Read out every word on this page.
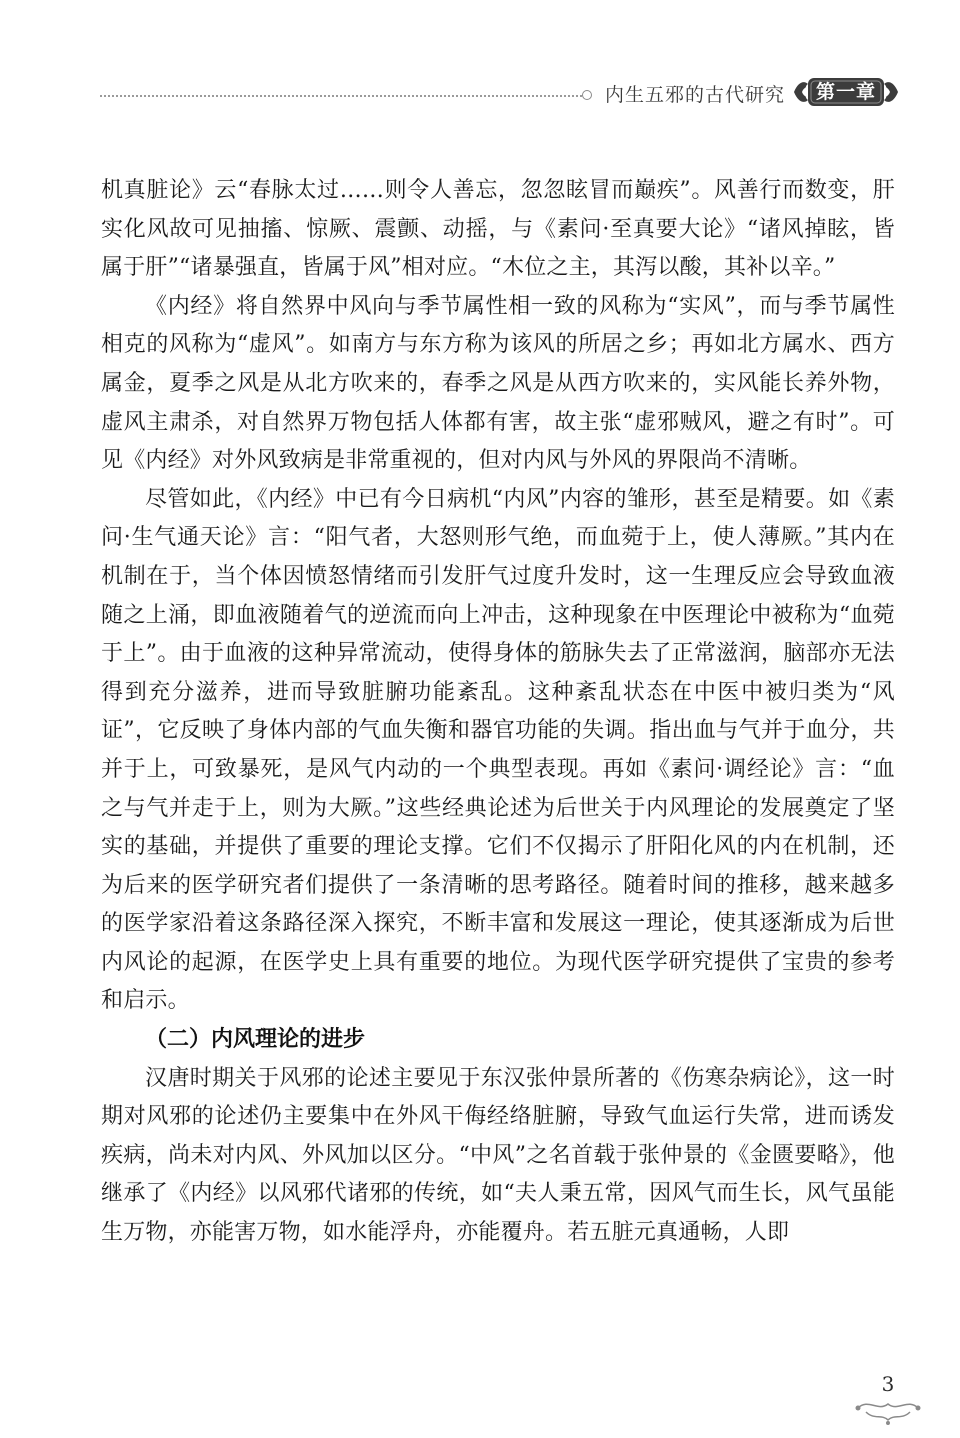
内生五邪的古代研究	第一章

机真脏论》云“春脉太过……则令人善忘，忽忽眩冒而巅疾”。风善行而数变，肝实化风故可见抽搐、惊厥、震颤、动摇，与《素问·至真要大论》“诸风掉眩，皆属于肝”“诸暴强直，皆属于风”相对应。“木位之主，其泻以酸，其补以辛。”

《内经》将自然界中风向与季节属性相一致的风称为“实风”，而与季节属性相克的风称为“虚风”。如南方与东方称为该风的所居之乡；再如北方属水、西方属金，夏季之风是从北方吹来的，春季之风是从西方吹来的，实风能长养外物，虚风主肃杀，对自然界万物包括人体都有害，故主张“虚邪贼风，避之有时”。可见《内经》对外风致病是非常重视的，但对内风与外风的界限尚不清晰。

尽管如此，《内经》中已有今日病机“内风”内容的雏形，甚至是精要。如《素问·生气通天论》言：“阳气者，大怒则形气绝，而血菀于上，使人薄厥。”其内在机制在于，当个体因愤怒情绪而引发肝气过度升发时，这一生理反应会导致血液随之上涌，即血液随着气的逆流而向上冲击，这种现象在中医理论中被称为“血菀于上”。由于血液的这种异常流动，使得身体的筋脉失去了正常滋润，脑部亦无法得到充分滋养，进而导致脏腑功能紊乱。这种紊乱状态在中医中被归类为“风证”，它反映了身体内部的气血失衡和器官功能的失调。指出血与气并于血分，共并于上，可致暴死，是风气内动的一个典型表现。再如《素问·调经论》言：“血之与气并走于上，则为大厥。”这些经典论述为后世关于内风理论的发展奠定了坚实的基础，并提供了重要的理论支撑。它们不仅揭示了肝阳化风的内在机制，还为后来的医学研究者们提供了一条清晰的思考路径。随着时间的推移，越来越多的医学家沿着这条路径深入探究，不断丰富和发展这一理论，使其逐渐成为后世内风论的起源，在医学史上具有重要的地位。为现代医学研究提供了宝贵的参考和启示。

（二）内风理论的进步

汉唐时期关于风邪的论述主要见于东汉张仲景所著的《伤寒杂病论》，这一时期对风邪的论述仍主要集中在外风干侮经络脏腑，导致气血运行失常，进而诱发疾病，尚未对内风、外风加以区分。“中风”之名首载于张仲景的《金匮要略》，他继承了《内经》以风邪代诸邪的传统，如“夫人秉五常，因风气而生长，风气虽能生万物，亦能害万物，如水能浮舟，亦能覆舟。若五脏元真通畅，人即

3
